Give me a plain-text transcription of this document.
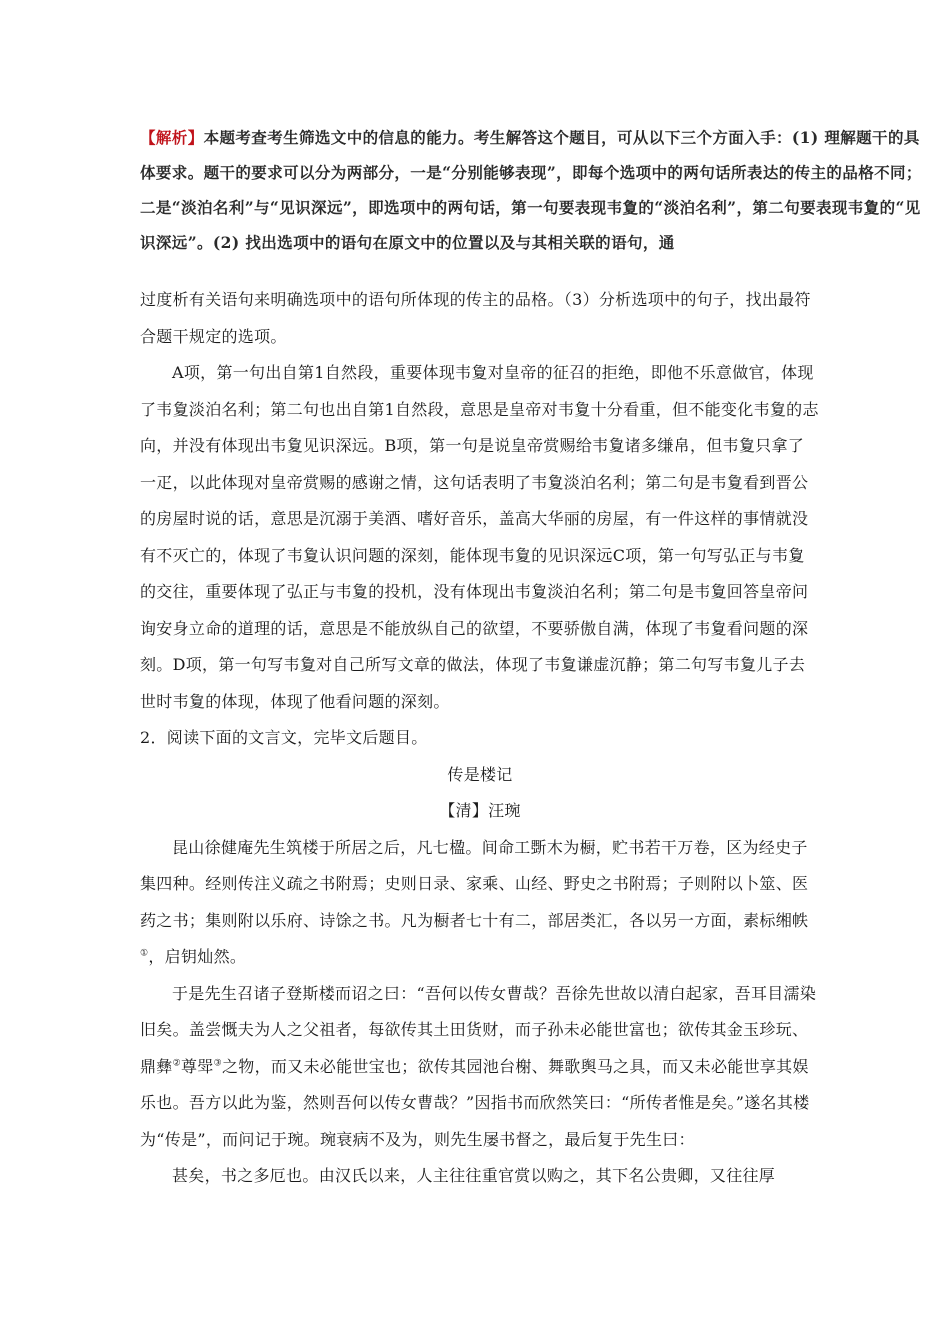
【解析】本题考查考生筛选文中的信息的能力。考生解答这个题目，可从以下三个方面入手：(1) 理解题干的具体要求。题干的要求可以分为两部分，一是“分别能够表现”，即每个选项中的两句话所表达的传主的品格不同；二是“淡泊名利”与“见识深远”，即选项中的两句话，第一句要表现韦夐的“淡泊名利”，第二句要表现韦夐的“见识深远”。(2) 找出选项中的语句在原文中的位置以及与其相关联的语句，通

过度析有关语句来明确选项中的语句所体现的传主的品格。（3）分析选项中的句子，找出最符合题干规定的选项。

A项，第一句出自第1自然段，重要体现韦夐对皇帝的征召的拒绝，即他不乐意做官，体现了韦夐淡泊名利；第二句也出自第1自然段，意思是皇帝对韦夐十分看重，但不能变化韦夐的志向，并没有体现出韦夐见识深远。B项，第一句是说皇帝赏赐给韦夐诸多缣帛，但韦夐只拿了一疋，以此体现对皇帝赏赐的感谢之情，这句话表明了韦夐淡泊名利；第二句是韦夐看到晋公的房屋时说的话，意思是沉溺于美酒、嗜好音乐，盖高大华丽的房屋，有一件这样的事情就没有不灭亡的，体现了韦夐认识问题的深刻，能体现韦夐的见识深远C项，第一句写弘正与韦夐的交往，重要体现了弘正与韦夐的投机，没有体现出韦夐淡泊名利；第二句是韦夐回答皇帝问询安身立命的道理的话，意思是不能放纵自己的欲望，不要骄傲自满，体现了韦夐看问题的深刻。D项，第一句写韦夐对自己所写文章的做法，体现了韦夐谦虚沉静；第二句写韦夐儿子去世时韦夐的体现，体现了他看问题的深刻。

2．阅读下面的文言文，完毕文后题目。

传是楼记

【清】汪琬

昆山徐健庵先生筑楼于所居之后，凡七楹。间命工斲木为橱，贮书若干万卷，区为经史子集四种。经则传注义疏之书附焉；史则日录、家乘、山经、野史之书附焉；子则附以卜筮、医药之书；集则附以乐府、诗馀之书。凡为橱者七十有二，部居类汇，各以另一方面，素标缃帙①，启钥灿然。

于是先生召诸子登斯楼而诏之曰：“吾何以传女曹哉？吾徐先世故以清白起家，吾耳目濡染旧矣。盖尝慨夫为人之父祖者，每欲传其土田货财，而子孙未必能世富也；欲传其金玉珍玩、鼎彝②尊斝③之物，而又未必能世宝也；欲传其园池台榭、舞歌舆马之具，而又未必能世享其娱乐也。吾方以此为鉴，然则吾何以传女曹哉？”因指书而欣然笑曰：“所传者惟是矣。”遂名其楼为“传是”，而问记于琬。琬衰病不及为，则先生屡书督之，最后复于先生曰：

甚矣，书之多厄也。由汉氏以来，人主往往重官赏以购之，其下名公贵卿，又往往厚
